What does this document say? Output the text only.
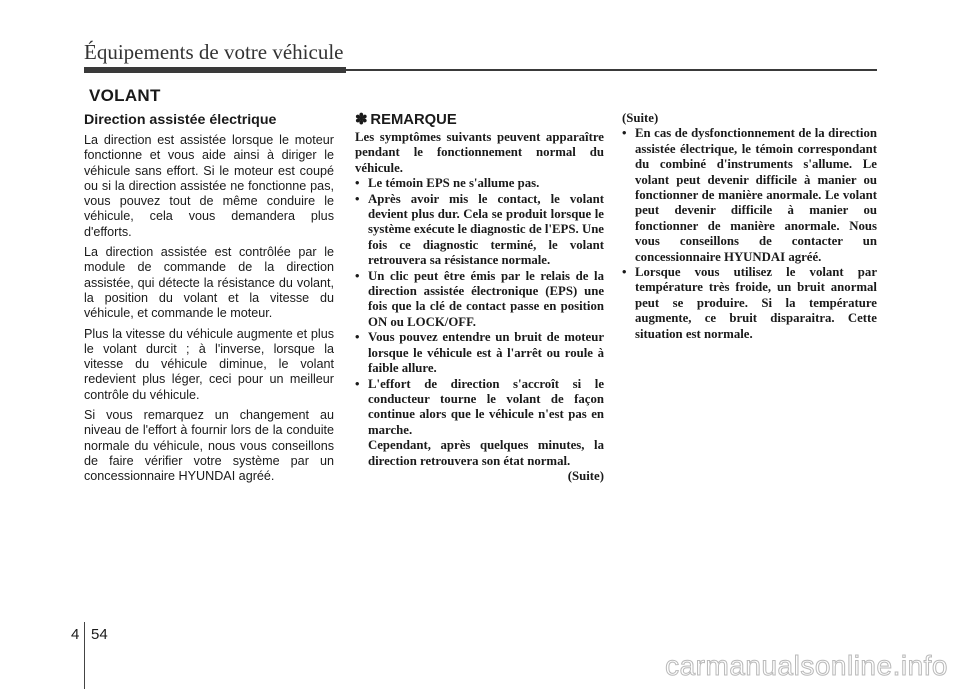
Équipements de votre véhicule
VOLANT
Direction assistée électrique

La direction est assistée lorsque le moteur fonctionne et vous aide ainsi à diriger le véhicule sans effort. Si le moteur est coupé ou si la direction assistée ne fonctionne pas, vous pouvez tout de même conduire le véhicule, cela vous demandera plus d'efforts.

La direction assistée est contrôlée par le module de commande de la direction assistée, qui détecte la résistance du volant, la position du volant et la vitesse du véhicule, et commande le moteur.

Plus la vitesse du véhicule augmente et plus le volant durcit ; à l'inverse, lorsque la vitesse du véhicule diminue, le volant redevient plus léger, ceci pour un meilleur contrôle du véhicule.

Si vous remarquez un changement au niveau de l'effort à fournir lors de la conduite normale du véhicule, nous vous conseillons de faire vérifier votre système par un concessionnaire HYUNDAI agréé.

✽ REMARQUE

Les symptômes suivants peuvent apparaître pendant le fonctionnement normal du véhicule.

• Le témoin EPS ne s'allume pas.
• Après avoir mis le contact, le volant devient plus dur. Cela se produit lorsque le système exécute le diagnostic de l'EPS. Une fois ce diagnostic terminé, le volant retrouvera sa résistance normale.
• Un clic peut être émis par le relais de la direction assistée électronique (EPS) une fois que la clé de contact passe en position ON ou LOCK/OFF.
• Vous pouvez entendre un bruit de moteur lorsque le véhicule est à l'arrêt ou roule à faible allure.
• L'effort de direction s'accroît si le conducteur tourne le volant de façon continue alors que le véhicule n'est pas en marche.
Cependant, après quelques minutes, la direction retrouvera son état normal.

(Suite)

(Suite)

• En cas de dysfonctionnement de la direction assistée électrique, le témoin correspondant du combiné d'instruments s'allume. Le volant peut devenir difficile à manier ou fonctionner de manière anormale. Le volant peut devenir difficile à manier ou fonctionner de manière anormale. Nous vous conseillons de contacter un concessionnaire HYUNDAI agréé.
• Lorsque vous utilisez le volant par température très froide, un bruit anormal peut se produire. Si la température augmente, ce bruit disparaitra. Cette situation est normale.
4 54
carmanualsonline.info
